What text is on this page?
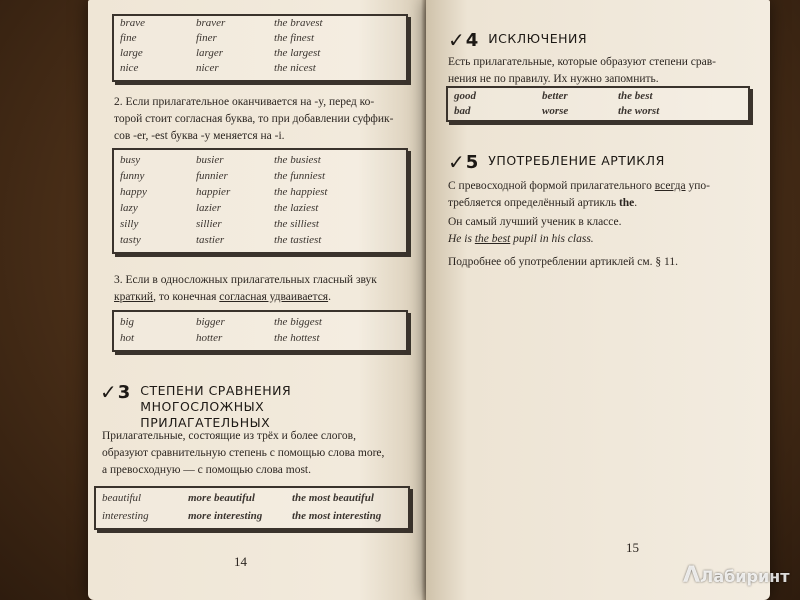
brave	braver	the bravest
fine	finer	the finest
large	larger	the largest
nice	nicer	the nicest
2. Если прилагательное оканчивается на -y, перед ко-
торой стоит согласная буква, то при добавлении суффик-
сов -er, -est буква -y меняется на -i.
busy	busier	the busiest
funny	funnier	the funniest
happy	happier	the happiest
lazy	lazier	the laziest
silly	sillier	the silliest
tasty	tastier	the tastiest
3. Если в односложных прилагательных гласный звук
краткий, то конечная согласная удваивается.
big	bigger	the biggest
hot	hotter	the hottest
✓ 3 СТЕПЕНИ СРАВНЕНИЯ МНОГОСЛОЖНЫХ
ПРИЛАГАТЕЛЬНЫХ
Прилагательные, состоящие из трёх и более слогов,
образуют сравнительную степень с помощью слова more,
а превосходную — с помощью слова most.
beautiful	more beautiful	the most beautiful
interesting	more interesting	the most interesting
14
✓ 4 ИСКЛЮЧЕНИЯ
Есть прилагательные, которые образуют степени срав-
нения не по правилу. Их нужно запомнить.
good	better	the best
bad	worse	the worst
✓ 5 УПОТРЕБЛЕНИЕ АРТИКЛЯ
С превосходной формой прилагательного всегда упо-
требляется определённый артикль the.
Он самый лучший ученик в классе.
He is the best pupil in his class.
Подробнее об употреблении артиклей см. § 11.
15
ΛЛабиринт
